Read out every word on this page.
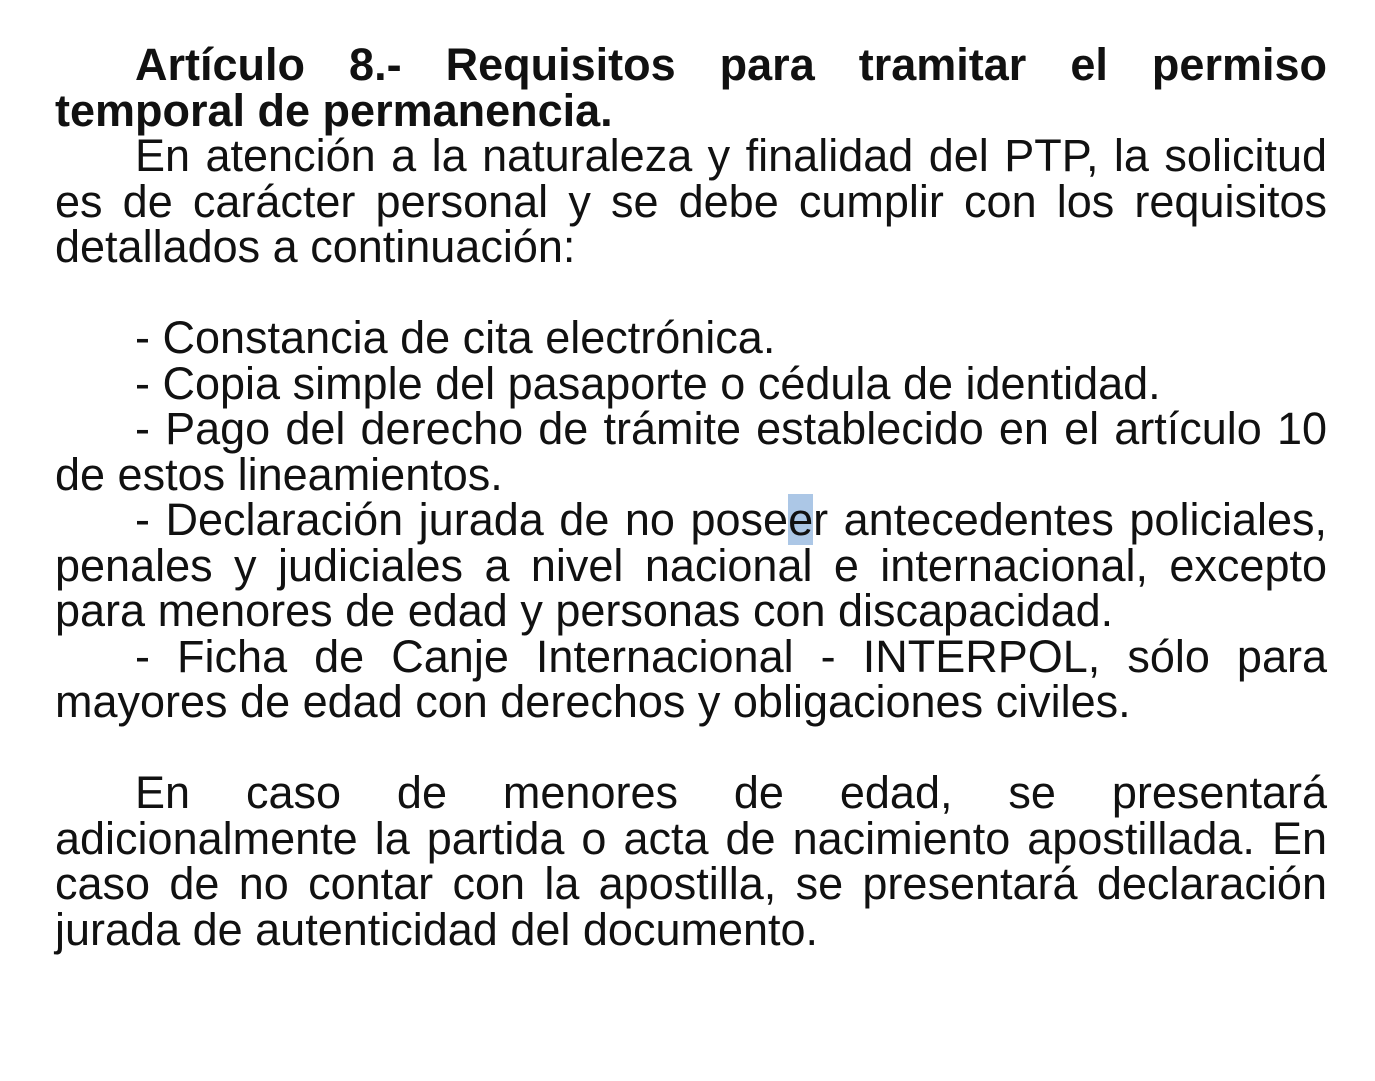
Artículo 8.- Requisitos para tramitar el permiso temporal de permanencia.

En atención a la naturaleza y finalidad del PTP, la solicitud es de carácter personal y se debe cumplir con los requisitos detallados a continuación:

- Constancia de cita electrónica.
- Copia simple del pasaporte o cédula de identidad.
- Pago del derecho de trámite establecido en el artículo 10 de estos lineamientos.
- Declaración jurada de no poseer antecedentes policiales, penales y judiciales a nivel nacional e internacional, excepto para menores de edad y personas con discapacidad.
- Ficha de Canje Internacional - INTERPOL, sólo para mayores de edad con derechos y obligaciones civiles.

En caso de menores de edad, se presentará adicionalmente la partida o acta de nacimiento apostillada. En caso de no contar con la apostilla, se presentará declaración jurada de autenticidad del documento.
